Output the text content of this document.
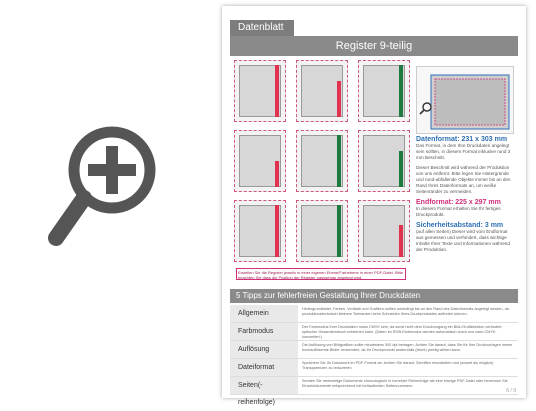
Datenblatt
Register 9-teilig
Datenformat: 231 x 303 mm
Das Format, in dem Ihre Druckdaten angelegt sein sollten, in diesem Format inklusive rund 3 mm Beschnitt.
Dieser Beschnitt wird während der Produktion von uns entfernt. Bitte legen Sie Hintergründe und rund-abfallende Objekte immer bis an den Rand Ihres Datenformats an, um weiße Seitenränder zu vermeiden.
Endformat: 225 x 297 mm
In diesem Format erhalten Sie Ihr fertiges Druckprodukt.
Sicherheitsabstand: 3 mm
(auf allen Seiten) Dieser wird vom Endformat aus gemessen und verhindert, dass wichtige Inhalte Ihrer Texte und Informationen während der Produktion.
Erstellen Sie die Register jeweils in einer eigenen Ebene/Farbebene in einer PDF-Datei. Bitte beachten Sie dass die Position der Register passgenau angelegt wird.
5 Tipps zur fehlerfreien Gestaltung Ihrer Druckdaten
Allgemein
Hintergrundbilder, Farben, Verläufe und Grafiken sollten unbedingt bis an den Rand des Datenformats angelegt werden, da produktionstechnisch kleinere Toleranzen beim Schneiden Ihres Druckproduktes auftreten können.
Farbmodus
Der Farbmodus Ihrer Druckdaten muss CMYK sein, da sonst nicht dem Druckvorgang ein Bild-/Grafikfarbton verändert, optischer Gesamteindruck entstehen kann. (Daten im RGB-Farbmodus werden automatisch durch uns nach CMYK konvertiert.)
Auflösung
Die Auflösung von Bildgrafiken sollte mindestens 300 dpi betragen. Achten Sie darauf, dass Sie für Ihre Druckvorlagen immer hochauflösende Bilder verwenden, da Ihr Druckprodukt andernfalls (leicht) pixelig wirken kann.
Dateiformat
Speichern Sie Ihr Dokument im PDF-Format ab. Achten Sie darauf, Schriften einzubetten und (soweit als möglich) Transparenzen zu reduzieren.
Seiten(-reihenfolge)
Senden Sie mehrseitige Dokumente chronologisch in korrekter Reihenfolge als eine einzige PDF-Datei oder benennen Sie Einzeldokumente entsprechend mit fortlaufenden Seitennummern.
6 / 9
